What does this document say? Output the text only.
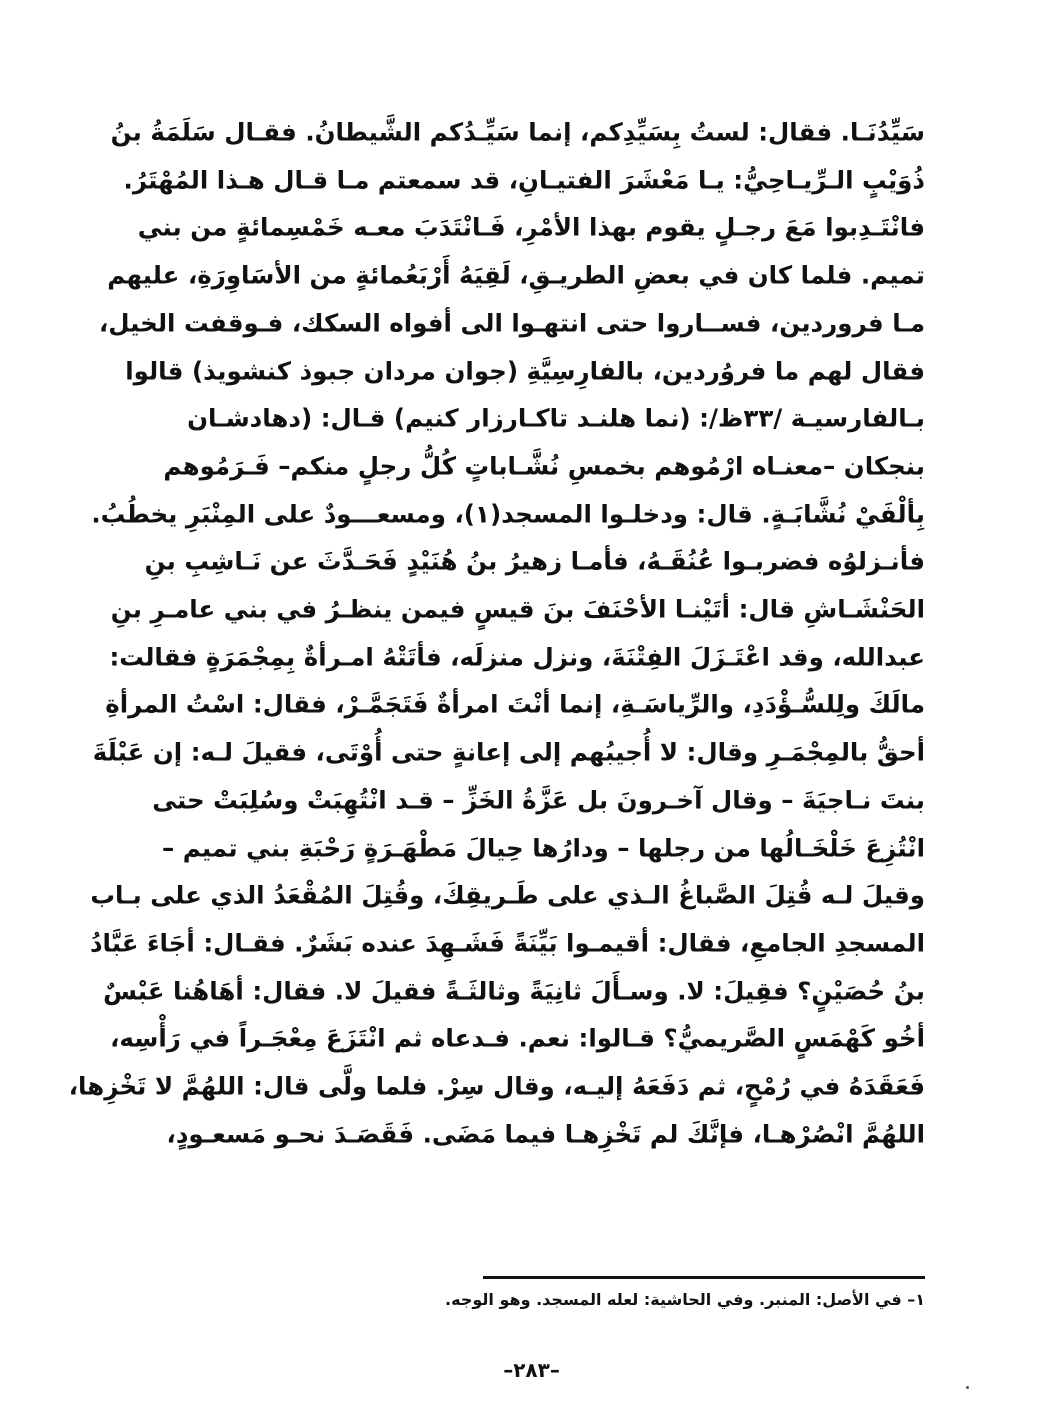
سَيِّدُنَـا. فقال: لستُ بِسَيِّدِكم، إنما سَيِّـدُكم الشَّيطانُ. فقـال سَلَمَةُ بنُ
ذُوَيْبٍ الـرِّيـاحِيُّ: يـا مَعْشَرَ الفتيـانِ، قد سمعتم مـا قـال هـذا المُهْتَرُ.
فانْتَـدِبوا مَعَ رجـلٍ يقوم بهذا الأمْرِ، فَـانْتَدَبَ معـه خَمْسِمائةٍ من بني
تميم. فلما كان في بعضِ الطريـقِ، لَقِيَهُ أَرْبَعُمائةٍ من الأسَاوِرَةِ، عليهم
مـا فروردين، فســاروا حتى انتهـوا الى أفواه السكك، فـوقفت الخيل،
فقال لهم ما فروُردين، بالفارِسِيَّةِ (جوان مردان جبوذ كنشويذ) قالوا
بـالفارسيـة /٣٣ظ/: (نما هلنـد تاكـارزار كنيم) قـال: (دهادشـان
بنجكان –معنـاه ارْمُوهم بخمسِ نُشَّـاباتٍ كُلُّ رجلٍ منكم– فَـرَمُوهم
بِألْفَيْ نُشَّابَـةٍ. قال: ودخلـوا المسجد(١)، ومسعـــودٌ على المِنْبَرِ يخطُبُ.
فأنـزلوُه فضربـوا عُنُقَـهُ، فأمـا زهيرُ بنُ هُنَيْدٍ فَحَـدَّثَ عن نَـاشِبِ بنِ
الحَنْشَـاشِ قال: أتَيْنـا الأحْنَفَ بنَ قيسٍ فيمن ينظـرُ في بني عامـرِ بنِ
عبدالله، وقد اعْتَـزَلَ الفِتْنَةَ، ونزل منزلَه، فأتَتْهُ امـرأةٌ بِمِجْمَرَةٍ فقالت:
مالَكَ ولِلسُّـؤْدَدِ، والرِّياسَـةِ، إنما أنْتَ امرأةٌ فَتَجَمَّـرْ، فقال: اسْتُ المرأةِ
أحقُّ بالمِجْمَـرِ وقال: لا أُجيبُهم إلى إعانةٍ حتى أُوْتَى، فقيلَ لـه: إن عَبْلَةَ
بنتَ نـاجيَةَ – وقال آخـرونَ بل عَزَّةُ الخَزِّ – قـد انْتُهِبَتْ وسُلِبَتْ حتى
انْتُزِعَ خَلْخَـالُها من رجلها – ودارُها حِيالَ مَطْهَـرَةٍ رَحْبَةِ بني تميم –
وقيلَ لـه قُتِلَ الصَّباغُ الـذي على طَـريقِكَ، وقُتِلَ المُقْعَدُ الذي على بـاب
المسجدِ الجامعِ، فقال: أقيمـوا بَيِّنَةً فَشَـهِدَ عنده بَشَرٌ. فقـال: أجَاءَ عَبَّادُ
بنُ حُصَيْنٍ؟ فقِيلَ: لا. وسـأَلَ ثانِيَةً وثالثَـةً فقيلَ لا. فقال: أهَاهُنا عَبْسٌ
أخُو كَهْمَسٍ الصَّريميُّ؟ قـالوا: نعم. فـدعاه ثم انْتَزَعَ مِعْجَـراً في رَأْسِه،
فَعَقَدَهُ في رُمْحٍ، ثم دَفَعَهُ إليـه، وقال سِرْ. فلما ولَّى قال: اللهُمَّ لا تَخْزِها،
اللهُمَّ انْصُرْهـا، فإنَّكَ لم تَخْزِهـا فيما مَضَى. فَقَصَـدَ نحـو مَسعـودٍ،
١– في الأصل: المنبر. وفي الحاشية: لعله المسجد. وهو الوجه.
–٢٨٣–
